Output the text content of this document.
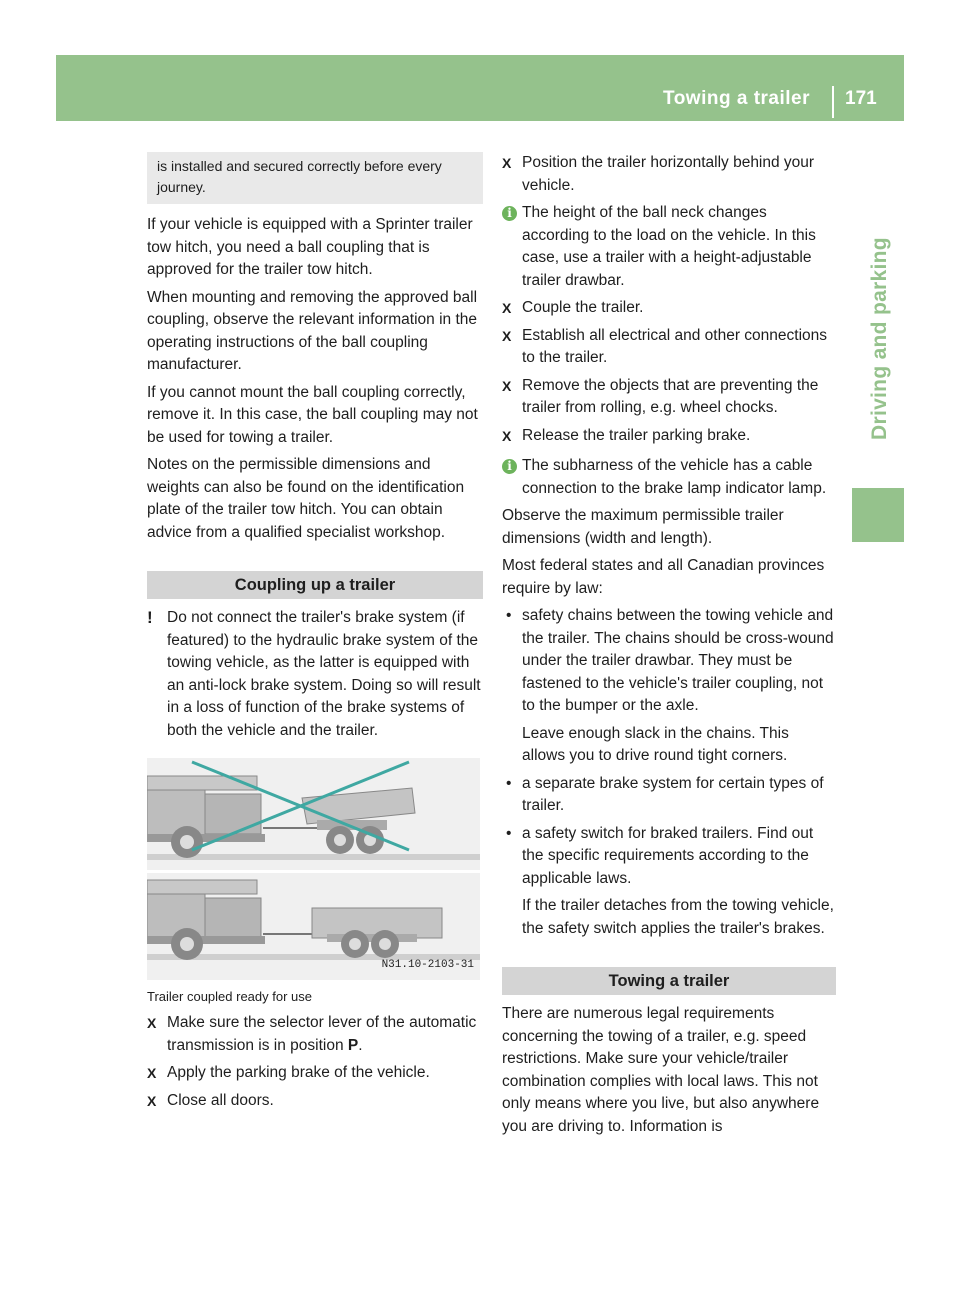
Towing a trailer 171
Driving and parking
is installed and secured correctly before every journey.

If your vehicle is equipped with a Sprinter trailer tow hitch, you need a ball coupling that is approved for the trailer tow hitch.

When mounting and removing the approved ball coupling, observe the relevant information in the operating instructions of the ball coupling manufacturer.

If you cannot mount the ball coupling correctly, remove it. In this case, the ball coupling may not be used for towing a trailer.

Notes on the permissible dimensions and weights can also be found on the identification plate of the trailer tow hitch. You can obtain advice from a qualified specialist workshop.

Coupling up a trailer
! Do not connect the trailer's brake system (if featured) to the hydraulic brake system of the towing vehicle, as the latter is equipped with an anti-lock brake system. Doing so will result in a loss of function of the brake systems of both the vehicle and the trailer.
N31.10-2103-31
Trailer coupled ready for use
X Make sure the selector lever of the automatic transmission is in position P.
X Apply the parking brake of the vehicle.
X Close all doors.
X Position the trailer horizontally behind your vehicle.
i The height of the ball neck changes according to the load on the vehicle. In this case, use a trailer with a height-adjustable trailer drawbar.
X Couple the trailer.
X Establish all electrical and other connections to the trailer.
X Remove the objects that are preventing the trailer from rolling, e.g. wheel chocks.
X Release the trailer parking brake.
i The subharness of the vehicle has a cable connection to the brake lamp indicator lamp.

Observe the maximum permissible trailer dimensions (width and length).

Most federal states and all Canadian provinces require by law:

• safety chains between the towing vehicle and the trailer. The chains should be cross-wound under the trailer drawbar. They must be fastened to the vehicle's trailer coupling, not to the bumper or the axle.

Leave enough slack in the chains. This allows you to drive round tight corners.

• a separate brake system for certain types of trailer.
• a safety switch for braked trailers. Find out the specific requirements according to the applicable laws.

If the trailer detaches from the towing vehicle, the safety switch applies the trailer's brakes.

Towing a trailer

There are numerous legal requirements concerning the towing of a trailer, e.g. speed restrictions. Make sure your vehicle/trailer combination complies with local laws. This not only means where you live, but also anywhere you are driving to. Information is
